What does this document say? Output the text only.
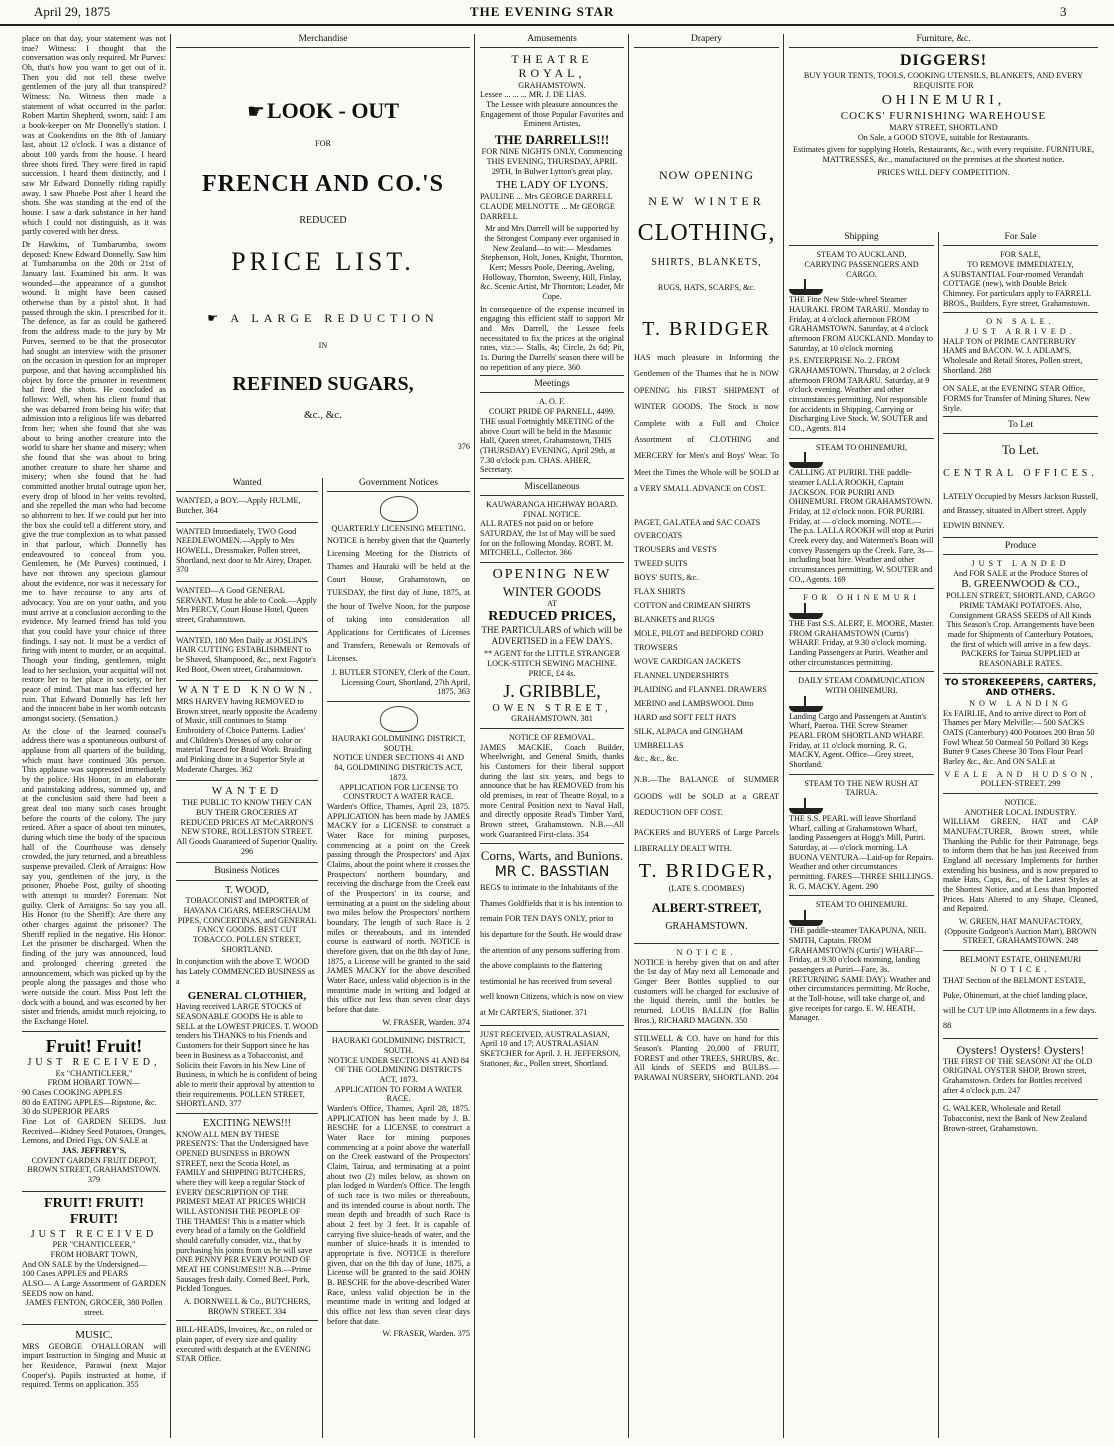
April 29, 1875	THE EVENING STAR	3

place on that day, your statement was not true? Witness: I thought that the conversation was only required. Mr Purves: Oh, that's how you want to get out of it. Then you did not tell these twelve gentlemen of the jury all that transpired? Witness: No. Witness then made a statement of what occurred in the parlor. Robert Martin Shepherd, sworn, said: I am a book-keeper on Mr Donnelly's station. I was at Cookendins on the 8th of January last, about 12 o'clock. I was a distance of about 100 yards from the house. I heard three shots fired. They were fired in rapid succession. I heard them distinctly, and I saw Mr Edward Donnelly riding rapidly away. I saw Phoebe Post after I heard the shots. She was standing at the end of the house. I saw a dark substance in her hand which I could not distinguish, as it was partly covered with her dress.

Dr Hawkins, of Tumbarumba, sworn deposed: Knew Edward Donnelly. Saw him at Tumbarumba on the 20th or 21st of January last. Examined his arm. It was wounded—the appearance of a gunshot wound. It might have been caused otherwise than by a pistol shot. It had passed through the skin. I prescribed for it. The defence, as far as could be gathered from the address made to the jury by Mr Purves, seemed to be that the prosecutor had sought an interview with the prisoner on the occasion in question for an improper purpose, and that having accomplished his object by force the prisoner in resentment had fired the shots. He concluded as follows: Well, when his client found that she was debarred from being his wife; that admission into a religious life was debarred from her; when she found that she was about to bring another creature into the world to share her shame and misery; when she found that she was about to bring another creature to share her shame and misery; when she found that he had committed another brutal outrage upon her, every drop of blood in her veins revolted, and she repelled the man who had become so abhorrent to her. If we could put her into the box she could tell a different story, and give the true complexion as to what passed in that parlour, which Donnelly has endeavoured to conceal from you. Gentlemen, he (Mr Purves) continued, I have not thrown any specious glamour about the evidence, nor was it necessary for me to have recourse to any arts of advocacy. You are on your oaths, and you must arrive at a conclusion according to the evidence. My learned friend has told you that you could have your choice of three findings. I say not. It must be a verdict of firing with intent to murder, or an acquittal. Though your finding, gentlemen, might lead to her seclusion, your acquittal will not restore her to her place in society, or her peace of mind. That man has effected her ruin. That Edward Donnelly has left her and the innocent babe in her womb outcasts amongst society. (Sensation.)

At the close of the learned counsel's address there was a spontaneous outburst of applause from all quarters of the building, which must have continued 30s person. This applause was suppressed immediately by the police. His Honor, in an elaborate and painstaking address, summed up, and at the conclusion said there had been a great deal too many such cases brought before the courts of the colony. The jury retired. After a space of about ten minutes, during which time the body of the spacious hall of the Courthouse was densely crowded, the jury returned, and a breathless suspense prevailed. Clerk of Arraigns: How say you, gentlemen of the jury, is the prisoner, Phoebe Post, guilty of shooting with attempt to murder? Foreman: Not guilty. Clerk of Arraigns: So say you all. His Honor (to the Sheriff): Are there any other charges against the prisoner? The Sheriff replied in the negative. His Honor: Let the prisoner be discharged. When the finding of the jury was announced, loud and prolonged cheering greeted the announcement, which was picked up by the people along the passages and those who were outside the court. Miss Post left the dock with a bound, and was escorted by her sister and friends, amidst much rejoicing, to the Exchange Hotel.

Fruit! Fruit!
JUST RECEIVED,
Ex "CHANTICLEER,"
FROM HOBART TOWN—
90 Cases COOKING APPLES
80 do EATING APPLES—Ripstone, &c.
30 do SUPERIOR PEARS
Fine Lot of GARDEN SEEDS. Just Received—Kidney Seed Potatoes, Oranges, Lemons, and Dried Figs. ON SALE at
JAS. JEFFREY'S,
COVENT GARDEN FRUIT DEPOT, BROWN STREET, GRAHAMSTOWN. 379
FRUIT! FRUIT! FRUIT!
JUST RECEIVED
PER "CHANTICLEER,"
FROM HOBART TOWN,
And ON SALE by the Undersigned—
100 Cases APPLES and PEARS
ALSO— A Large Assortment of GARDEN SEEDS now on hand.
JAMES FENTON, GROCER, 380 Pollen street.
MUSIC.
MRS GEORGE O'HALLORAN will impart Instruction in Singing and Music at her Residence, Parawai (next Major Cooper's). Pupils instructed at home, if required. Terms on application. 355
Merchandise
☛ LOOK - OUT
FOR
FRENCH AND CO.'S
REDUCED
PRICE LIST.
☛ A LARGE REDUCTION
IN
REFINED SUGARS,
&c., &c.
376
Wanted

WANTED, a BOY.—Apply HULME, Butcher. 364

WANTED Immediately, TWO Good NEEDLEWOMEN.—Apply to Mrs HOWELL, Dressmaker, Pollen street, Shortland, next door to Mr Airey, Draper. 370

WANTED—A Good GENERAL SERVANT. Must be able to Cook.—Apply Mrs PERCY, Court House Hotel, Queen street, Grahamstown.

WANTED, 180 Men Daily at JOSLIN'S HAIR CUTTING ESTABLISHMENT to be Shaved, Shampooed, &c., next Fagote's Red Boot, Owen street, Grahamstown.

WANTED KNOWN.

MRS HARVEY having REMOVED to Brown street, nearly opposite the Academy of Music, still continues to Stamp Embroidery of Choice Patterns. Ladies' and Children's Dresses of any color or material Traced for Braid Work. Braiding and Pinking done in a Superior Style at Moderate Charges. 362

WANTED

THE PUBLIC TO KNOW THEY CAN BUY THEIR GROCERIES AT REDUCED PRICES AT McCARRON'S NEW STORE, ROLLESTON STREET. All Goods Guaranteed of Superior Quality. 296

Business Notices
T. WOOD,

TOBACCONIST and IMPORTER of HAVANA CIGARS, MEERSCHAUM PIPES, CONCERTINAS, and GENERAL FANCY GOODS. BEST CUT TOBACCO. POLLEN STREET, SHORTLAND.

In conjunction with the above T. WOOD has Lately COMMENCED BUSINESS as a

GENERAL CLOTHIER,

Having received LARGE STOCKS of SEASONABLE GOODS He is able to SELL at the LOWEST PRICES. T. WOOD tenders his THANKS to his Friends and Customers for their Support since he has been in Business as a Tobacconist, and Solicits their Favors in his New Line of Business, in which he is confident of being able to merit their approval by attention to their requirements. POLLEN STREET, SHORTLAND. 377

EXCITING NEWS!!!

KNOW ALL MEN BY THESE PRESENTS: That the Undersigned have OPENED BUSINESS in BROWN STREET, next the Scotia Hotel, as FAMILY and SHIPPING BUTCHERS, where they will keep a regular Stock of EVERY DESCRIPTION OF THE PRIMEST MEAT AT PRICES WHICH WILL ASTONISH THE PEOPLE OF THE THAMES! This is a matter which every head of a family on the Goldfield should carefully consider, viz., that by purchasing his joints from us he will save ONE PENNY PER EVERY POUND OF MEAT HE CONSUMES!!! N.B.—Prime Sausages fresh daily. Corned Beef, Pork, Pickled Tongues.

A. DORNWELL & Co., BUTCHERS, BROWN STREET. 334

BILL-HEADS, Invoices, &c., on ruled or plain paper, of every size and quality executed with despatch at the EVENING STAR Office.

Government Notices
QUARTERLY LICENSING MEETING.

NOTICE is hereby given that the Quarterly Licensing Meeting for the Districts of Thames and Hauraki will be held at the Court House, Grahamstown, on TUESDAY, the first day of June, 1875, at the hour of Twelve Noon, for the purpose of taking into consideration all Applications for Certificates of Licenses and Transfers, Renewals or Removals of Licenses.

J. BUTLER STONEY, Clerk of the Court. Licensing Court, Shortland, 27th April, 1875. 363

HAURAKI GOLDMINING DISTRICT, SOUTH.
NOTICE UNDER SECTIONS 41 AND 84, GOLDMINING DISTRICTS ACT, 1873.
APPLICATION FOR LICENSE TO CONSTRUCT A WATER RACE.

Warden's Office, Thames, April 23, 1875. APPLICATION has been made by JAMES MACKY for a LICENSE to construct a Water Race for mining purposes, commencing at a point on the Creek passing through the Prospectors' and Ajax Claims, about the point where it crosses the Prospectors' northern boundary, and receiving the discharge from the Creek east of the Prospectors' in its course, and terminating at a point on the sideling about two miles below the Prospectors' northern boundary. The length of such Race is 2 miles or thereabouts, and its intended course is eastward of north. NOTICE is therefore given, that on the 8th day of June, 1875, a License will be granted to the said JAMES MACKY for the above described Water Race, unless valid objection is in the meantime made in writing and lodged at this office not less than seven clear days before that date.

W. FRASER, Warden. 374

HAURAKI GOLDMINING DISTRICT, SOUTH.
NOTICE UNDER SECTIONS 41 AND 84 OF THE GOLDMINING DISTRICTS ACT, 1873.
APPLICATION TO FORM A WATER RACE.

Warden's Office, Thames, April 28, 1875. APPLICATION has been made by J. B. BESCHE for a LICENSE to construct a Water Race for mining purposes commencing at a point above the waterfall on the Creek eastward of the Prospectors' Claim, Tairua, and terminating at a point about two (2) miles below, as shown on plan lodged in Warden's Office. The length of such race is two miles or thereabouts, and its intended course is about north. The mean depth and breadth of such Race is about 2 feet by 3 feet. It is capable of carrying five sluice-heads of water, and the number of sluice-heads it is intended to appropriate is five. NOTICE is therefore given, that on the 8th day of June, 1875, a License will be granted to the said JOHN B. BESCHE for the above-described Water Race, unless valid objection be in the meantime made in writing and lodged at this office not less than seven clear days before that date.

W. FRASER, Warden. 375

Amusements
THEATRE ROYAL,
GRAHAMSTOWN.
Lessee ... ... ... MR. J. DE LIAS.

The Lessee with pleasure announces the Engagement of those Popular Favorites and Eminent Artistes,

THE DARRELLS!!!

FOR NINE NIGHTS ONLY, Commencing THIS EVENING, THURSDAY, APRIL 29TH, In Bulwer Lytton's great play,

THE LADY OF LYONS.

PAULINE ... Mrs GEORGE DARRELL CLAUDE MELNOTTE ... Mr GEORGE DARRELL

Mr and Mrs Darrell will be supported by the Strongest Company ever organised in New Zealand—to wit:— Mesdames Stephenson, Holt, Jones, Knight, Thornton, Kerr; Messrs Poole, Deering, Aveling, Holloway, Thornton, Sweeny, Hill, Finlay, &c. Scenic Artist, Mr Thornton; Leader, Mr Cope.

In consequence of the expense incurred in engaging this efficient staff to support Mr and Mrs Darrell, the Lessee feels necessitated to fix the prices at the original rates, viz.:— Stalls, 4s; Circle, 2s 6d; Pit, 1s. During the Darrells' season there will be no repetition of any piece. 360

Meetings
A. O. F.
COURT PRIDE OF PARNELL, 4499.

THE usual Fortnightly MEETING of the above Court will be held in the Masonic Hall, Queen street, Grahamstown, THIS (THURSDAY) EVENING, April 29th, at 7.30 o'clock p.m. CHAS. AHIER, Secretary.

Miscellaneous
KAUWARANGA HIGHWAY BOARD.
FINAL NOTICE.

ALL RATES not paid on or before SATURDAY, the 1st of May will be sued for on the following Monday. ROBT. M. MITCHELL, Collector. 366

OPENING NEW
WINTER GOODS
AT
REDUCED PRICES,

THE PARTICULARS of which will be ADVERTISED in a FEW DAYS.

** AGENT for the LITTLE STRANGER LOCK-STITCH SEWING MACHINE. PRICE, £4 4s.

J. GRIBBLE,
OWEN STREET,
GRAHAMSTOWN. 381
NOTICE OF REMOVAL.

JAMES MACKIE, Coach Builder, Wheelwright, and General Smith, thanks his Customers for their liberal support during the last six years, and begs to announce that he has REMOVED from his old premises, in rear of Theatre Royal, to a more Central Position next to Naval Hall, and directly opposite Read's Timber Yard, Brown street, Grahamstown. N.B.—All work Guaranteed First-class. 354

Corns, Warts, and Bunions.
MR C. BASSTIAN

BEGS to intimate to the Inhabitants of the Thames Goldfields that it is his intention to remain FOR TEN DAYS ONLY, prior to his departure for the South. He would draw the attention of any persons suffering from the above complaints to the flattering testimonial he has received from several well known Citizens, which is now on view at Mr CARTER'S, Stationer. 371

JUST RECEIVED, AUSTRALASIAN, April 10 and 17; AUSTRALASIAN SKETCHER for April. J. H. JEFFERSON, Stationer, &c., Pollen street, Shortland.

Drapery
NOW OPENING
NEW WINTER
CLOTHING,
SHIRTS, BLANKETS,
RUGS, HATS, SCARFS, &c.
T. BRIDGER

HAS much pleasure in Informing the Gentlemen of the Thames that he is NOW OPENING his FIRST SHIPMENT of WINTER GOODS. The Stock is now Complete with a Full and Choice Assortment of CLOTHING and MERCERY for Men's and Boys' Wear. To Meet the Times the Whole will be SOLD at a VERY SMALL ADVANCE on COST.

PAGET, GALATEA and SAC COATS
OVERCOATS
TROUSERS and VESTS
TWEED SUITS
BOYS' SUITS, &c.
FLAX SHIRTS
COTTON and CRIMEAN SHIRTS
BLANKETS and RUGS
MOLE, PILOT and BEDFORD CORD TROWSERS
WOVE CARDIGAN JACKETS
FLANNEL UNDERSHIRTS
PLAIDING and FLANNEL DRAWERS
MERINO and LAMBSWOOL Ditto
HARD and SOFT FELT HATS
SILK, ALPACA and GINGHAM UMBRELLAS
&c., &c., &c.

N.B.—The BALANCE of SUMMER GOODS will be SOLD at a GREAT REDUCTION OFF COST.

PACKERS and BUYERS of Large Parcels LIBERALLY DEALT WITH.

T. BRIDGER,
(LATE S. COOMBES)
ALBERT-STREET,
GRAHAMSTOWN.
NOTICE.

NOTICE is hereby given that on and after the 1st day of May next all Lemonade and Ginger Beer Bottles supplied to our customers will be charged for exclusive of the liquid therein, until the bottles be returned. LOUIS BALLIN (for Ballin Bros.), RICHARD MAGINN. 350

STILWELL & CO. have on hand for this Season's Planting 20,000 of FRUIT, FOREST and other TREES, SHRUBS, &c. All kinds of SEEDS and BULBS.—PARAWAI NURSERY, SHORTLAND. 204

Furniture, &c.
DIGGERS!

BUY YOUR TENTS, TOOLS, COOKING UTENSILS, BLANKETS, AND EVERY REQUISITE FOR

OHINEMURI,
COCKS' FURNISHING WAREHOUSE
MARY STREET, SHORTLAND

On Sale, a GOOD STOVE, suitable for Restaurants.

Estimates given for supplying Hotels, Restaurants, &c., with every requisite. FURNITURE, MATTRESSES, &c., manufactured on the premises at the shortest notice.

PRICES WILL DEFY COMPETITION.
Shipping
STEAM TO AUCKLAND,
CARRYING PASSENGERS AND CARGO.

THE Fine New Side-wheel Steamer HAURAKI. FROM TARARU. Monday to Friday, at 4 o'clock afternoon FROM GRAHAMSTOWN. Saturday, at 4 o'clock afternoon FROM AUCKLAND. Monday to Saturday, at 10 o'clock morning

P.S. ENTERPRISE No. 2. FROM GRAHAMSTOWN. Thursday, at 2 o'clock afternoon FROM TARARU. Saturday, at 9 o'clock evening. Weather and other circumstances permitting. Not responsible for accidents in Shipping, Carrying or Discharging Live Stock. W. SOUTER and CO., Agents. 814

STEAM TO OHINEMURI,

CALLING AT PURIRI. THE paddle-steamer LALLA ROOKH, Captain JACKSON. FOR PURIRI AND OHINEMURI. FROM GRAHAMSTOWN. Friday, at 12 o'clock noon. FOR PURIRI. Friday, at — o'clock morning. NOTE.—The p.s. LALLA ROOKH will stop at Puriri Creek every day, and Watermen's Boats will convey Passengers up the Creek. Fare, 3s—including boat hire. Weather and other circumstances permitting. W. SOUTER and CO., Agents. 169

FOR OHINEMURI

THE Fast S.S. ALERT, E. MOORE, Master. FROM GRAHAMSTOWN (Curtis') WHARF. Friday, at 9.30 o'clock morning. Landing Passengers at Puriri. Weather and other circumstances permitting.

DAILY STEAM COMMUNICATION WITH OHINEMURI.

Landing Cargo and Passengers at Austin's Wharf, Paeroa. THE Screw Steamer PEARL FROM SHORTLAND WHARF. Friday, at 11 o'clock morning. R. G. MACKY, Agent. Office—Grey street, Shortland.

STEAM TO THE NEW RUSH AT TAIRUA.

THE S.S. PEARL will leave Shortland Wharf, calling at Grahamstown Wharf, landing Passengers at Hogg's Mill, Puriri. Saturday, at — o'clock morning. LA BUONA VENTURA—Laid-up for Repairs. Weather and other circumstances permitting. FARES—THREE SHILLINGS. R. G. MACKY, Agent. 290

STEAM TO OHINEMURI.

THE paddle-steamer TAKAPUNA, NEIL SMITH, Captain. FROM GRAHAMSTOWN (Curtis') WHARF—Friday, at 9.30 o'clock morning, landing passengers at Puriri—Fare, 3s. (RETURNING SAME DAY). Weather and other circumstances permitting. Mr Roche, at the Toll-house, will take charge of, and give receipts for cargo. E. W. HEATH, Manager.

For Sale
FOR SALE,
TO REMOVE IMMEDIATELY,

A SUBSTANTIAL Four-roomed Verandah COTTAGE (new), with Double Brick Chimney. For particulars apply to FARRELL BROS., Builders, Eyre street, Grahamstown.

ON SALE.
JUST ARRIVED.

HALF TON of PRIME CANTERBURY HAMS and BACON. W. J. ADLAM'S, Wholesale and Retail Stores, Pollen street, Shortland. 288

ON SALE, at the EVENING STAR Office, FORMS for Transfer of Mining Shares. New Style.

To Let
To Let.
CENTRAL OFFICES.

LATELY Occupied by Messrs Jackson Russell, and Brassey, situated in Albert street. Apply EDWIN BINNEY.

Produce
JUST LANDED
And FOR SALE at the Produce Stores of
B. GREENWOOD & CO.,

POLLEN STREET, SHORTLAND, CARGO PRIME TAMAKI POTATOES. Also, Consignment GRASS SEEDS of All Kinds This Season's Crop. Arrangements have been made for Shipments of Canterbury Potatoes, the first of which will arrive in a few days. PACKERS for Tairua SUPPLIED at REASONABLE RATES.

TO STOREKEEPERS, CARTERS, AND OTHERS.
NOW LANDING

Ex FAIRLIE, And to arrive direct to Port of Thames per Mary Melville:— 500 SACKS OATS (Canterbury) 400 Potatoes 200 Bran 50 Fowl Wheat 50 Oatmeal 50 Pollard 30 Kegs Butter 9 Cases Cheese 30 Tons Flour Pearl Barley &c., &c. And ON SALE at

VEALE AND HUDSON,
POLLEN-STREET. 299
NOTICE.
ANOTHER LOCAL INDUSTRY.

WILLIAM GREEN, HAT and CAP MANUFACTURER, Brown street, while Thanking the Public for their Patronage, begs to inform them that he has just Received from England all necessary Implements for further extending his business, and is now prepared to make Hats, Caps, &c., of the Latest Styles at the Shortest Notice, and at Less than Imported Prices. Hats Altered to any Shape, Cleaned, and Repaired.

W. GREEN, HAT MANUFACTORY, (Opposite Gudgeon's Auction Mart), BROWN STREET, GRAHAMSTOWN. 248

BELMONT ESTATE, OHINEMURI
NOTICE.

THAT Section of the BELMONT ESTATE, Puke, Ohinemuri, at the chief landing place, will be CUT UP into Allotments in a few days. 88

Oysters! Oysters! Oysters!

THE FIRST OF THE SEASON! AT the OLD ORIGINAL OYSTER SHOP, Brown street, Grahamstown. Orders for Bottles received after 4 o'clock p.m. 247

G. WALKER, Wholesale and Retail Tobacconist, next the Bank of New Zealand Brown-street, Grahamstown.
